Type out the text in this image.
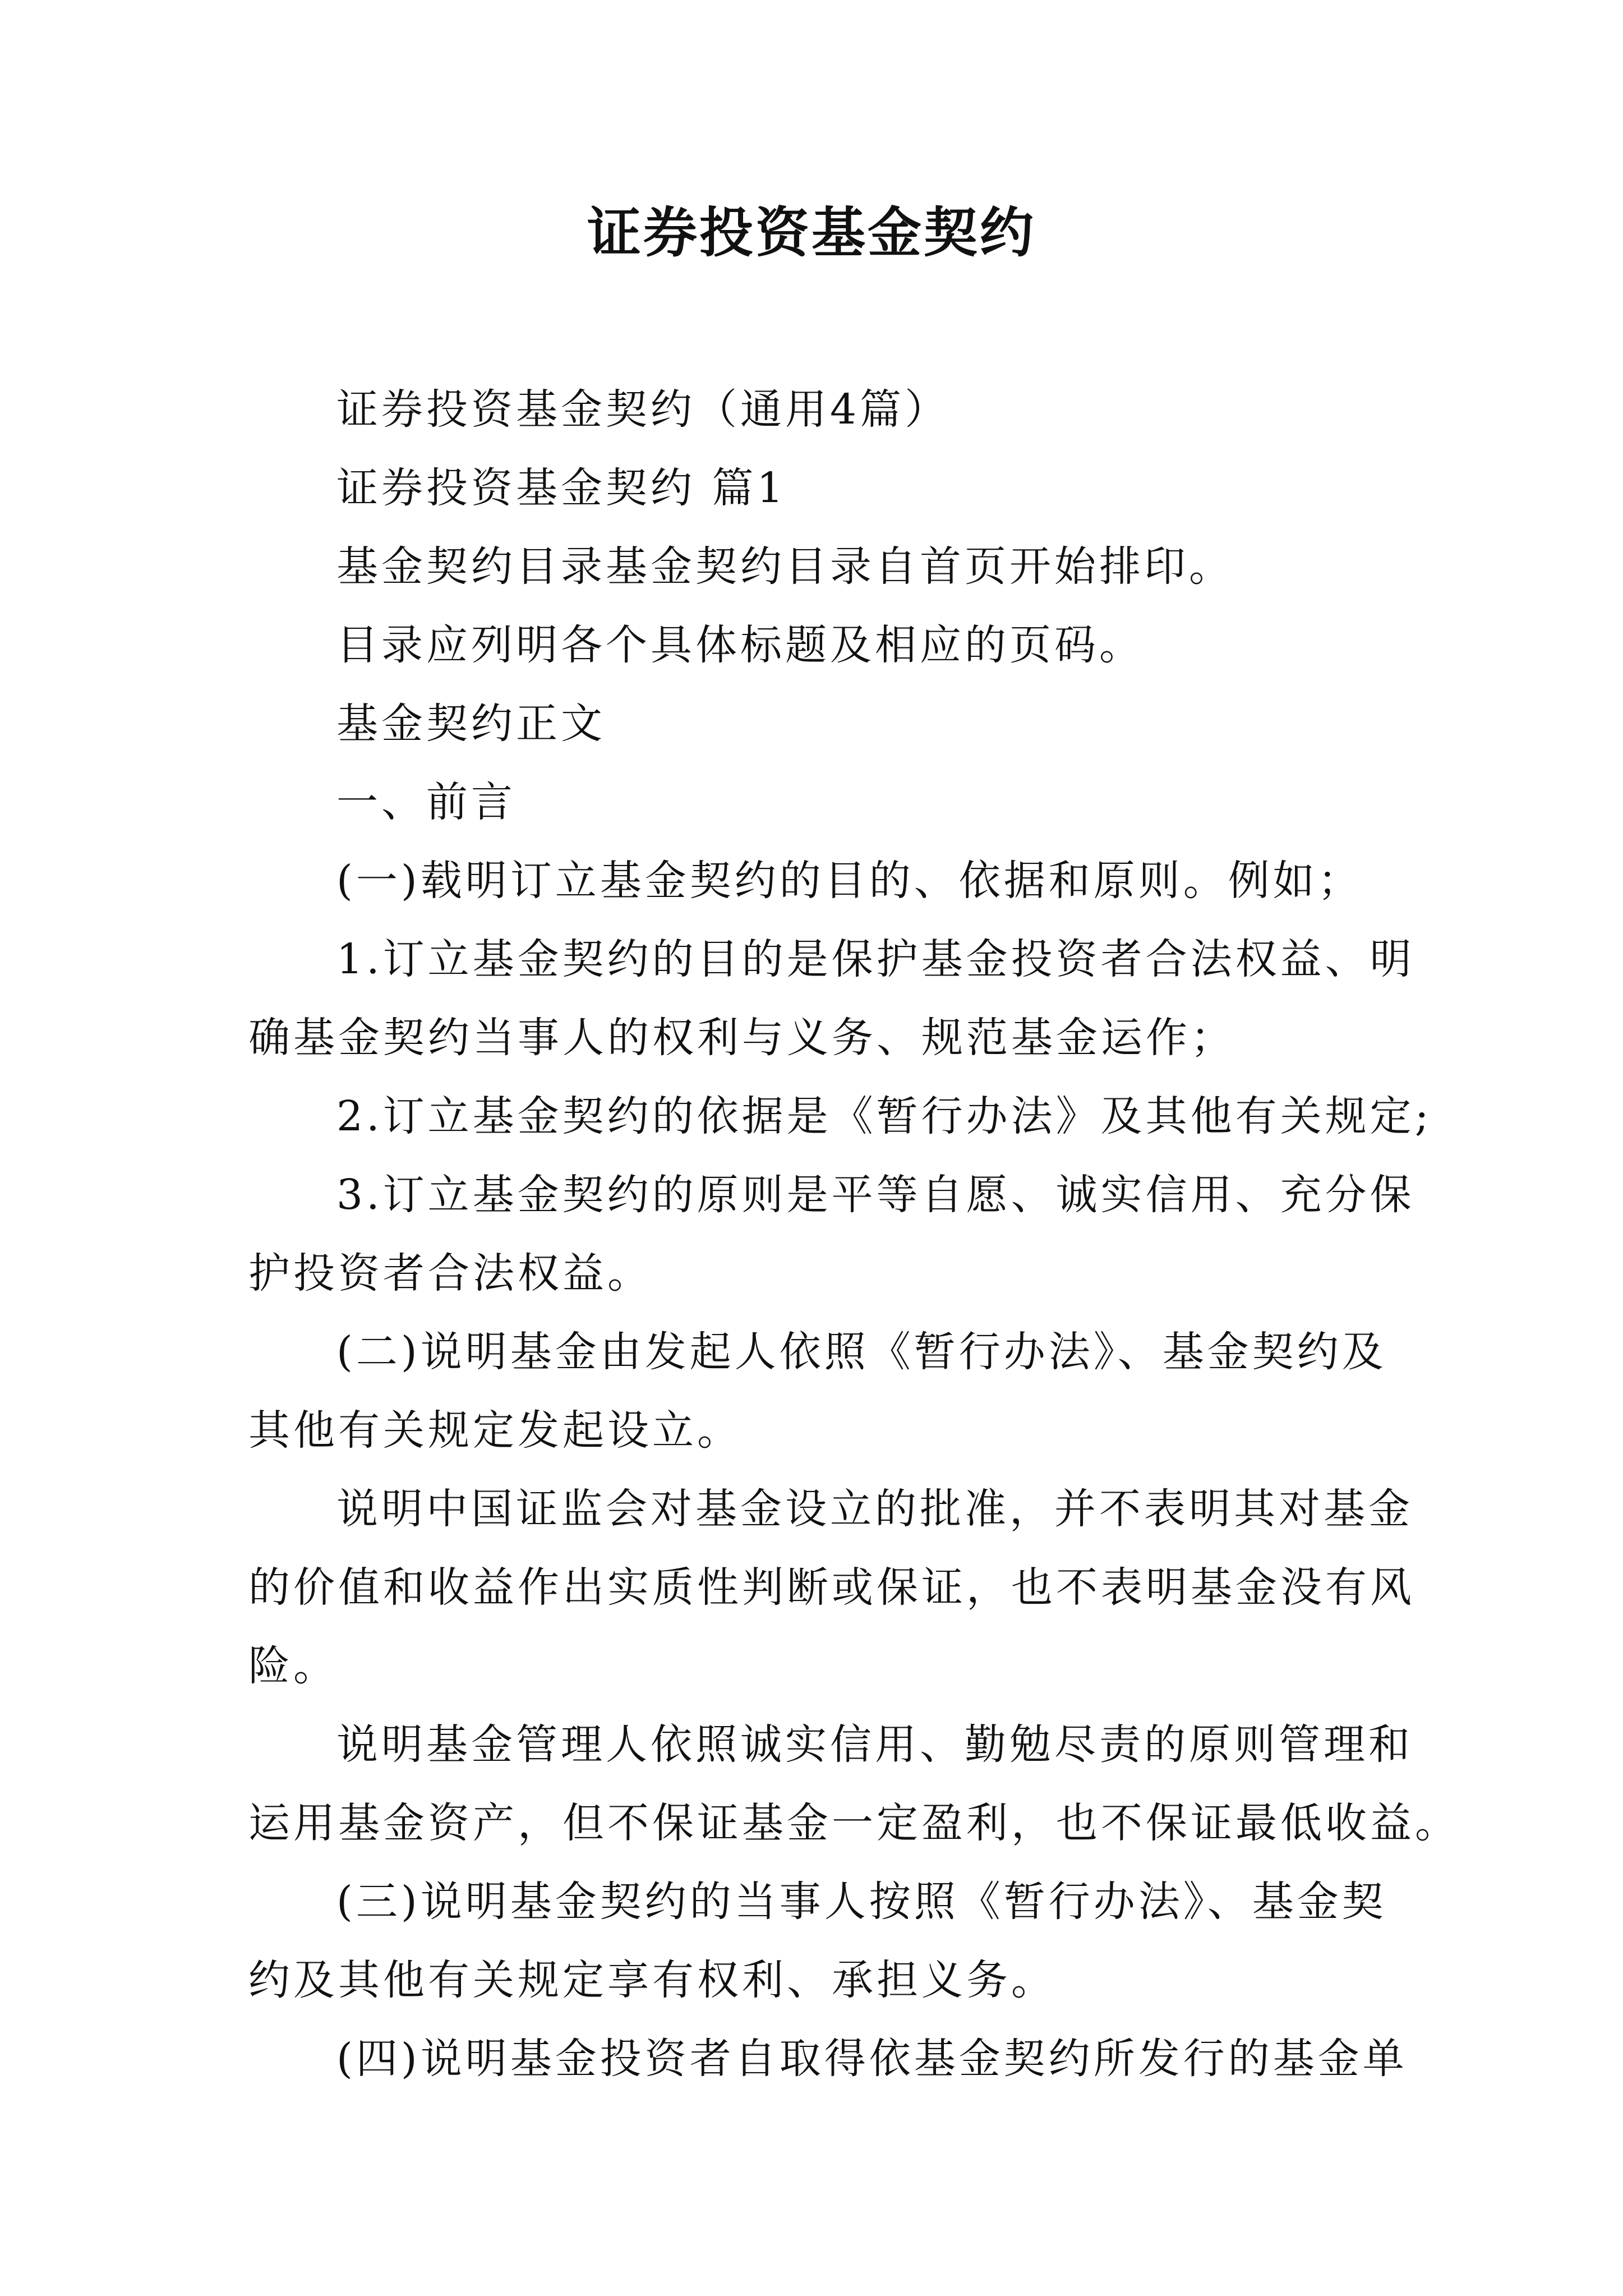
证券投资基金契约
证券投资基金契约（通用4篇）
证券投资基金契约 篇1
基金契约目录基金契约目录自首页开始排印。
目录应列明各个具体标题及相应的页码。
基金契约正文
一、前言
(一)载明订立基金契约的目的、依据和原则。例如；
1.订立基金契约的目的是保护基金投资者合法权益、明
确基金契约当事人的权利与义务、规范基金运作；
2.订立基金契约的依据是《暂行办法》及其他有关规定;
3.订立基金契约的原则是平等自愿、诚实信用、充分保
护投资者合法权益。
(二)说明基金由发起人依照《暂行办法》、基金契约及
其他有关规定发起设立。
说明中国证监会对基金设立的批准，并不表明其对基金
的价值和收益作出实质性判断或保证，也不表明基金没有风
险。
说明基金管理人依照诚实信用、勤勉尽责的原则管理和
运用基金资产，但不保证基金一定盈利，也不保证最低收益。
(三)说明基金契约的当事人按照《暂行办法》、基金契
约及其他有关规定享有权利、承担义务。
(四)说明基金投资者自取得依基金契约所发行的基金单
